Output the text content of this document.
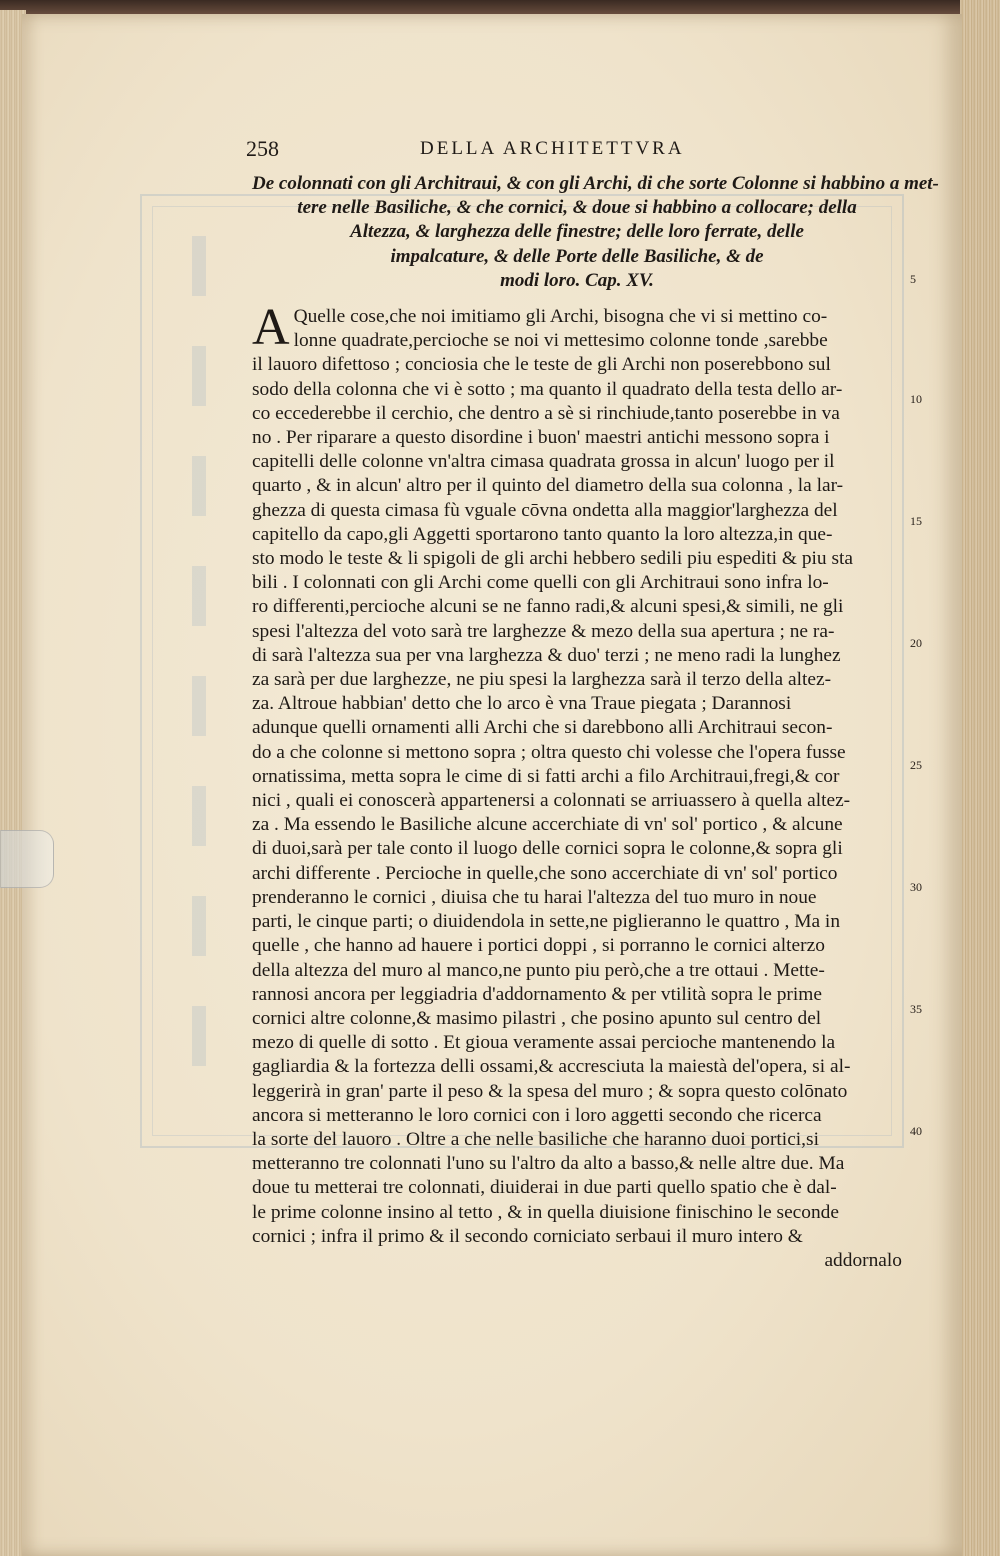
258	DELLA ARCHITETTVRA
De colonnati con gli Architraui, & con gli Archi, di che sorte Colonne si habbino a met-
tere nelle Basiliche, & che cornici, & doue si habbino a collocare; della
Altezza, & larghezza delle finestre; delle loro ferrate, delle
impalcature, & delle Porte delle Basiliche, & de
modi loro. Cap. XV.
A Quelle cose,che noi imitiamo gli Archi, bisogna che vi si mettino co-
lonne quadrate,percioche se noi vi mettesimo colonne tonde ,sarebbe
il lauoro difettoso ; conciosia che le teste de gli Archi non poserebbono sul
sodo della colonna che vi è sotto ; ma quanto il quadrato della testa dello ar-
co eccederebbe il cerchio, che dentro a sè si rinchiude,tanto poserebbe in va
no . Per riparare a questo disordine i buon' maestri antichi messono sopra i
capitelli delle colonne vn'altra cimasa quadrata grossa in alcun' luogo per il
quarto , & in alcun' altro per il quinto del diametro della sua colonna , la lar-
ghezza di questa cimasa fù vguale cōvna ondetta alla maggior'larghezza del
capitello da capo,gli Aggetti sportarono tanto quanto la loro altezza,in que-
sto modo le teste & li spigoli de gli archi hebbero sedili piu espediti & piu sta
bili . I colonnati con gli Archi come quelli con gli Architraui sono infra lo-
ro differenti,percioche alcuni se ne fanno radi,& alcuni spesi,& simili, ne gli
spesi l'altezza del voto sarà tre larghezze & mezo della sua apertura ; ne ra-
di sarà l'altezza sua per vna larghezza & duo' terzi ; ne meno radi la lunghez
za sarà per due larghezze, ne piu spesi la larghezza sarà il terzo della altez-
za. Altroue habbian' detto che lo arco è vna Traue piegata ; Darannosi
adunque quelli ornamenti alli Archi che si darebbono alli Architraui secon-
do a che colonne si mettono sopra ; oltra questo chi volesse che l'opera fusse
ornatissima, metta sopra le cime di si fatti archi a filo Architraui,fregi,& cor
nici , quali ei conoscerà appartenersi a colonnati se arriuassero à quella altez-
za . Ma essendo le Basiliche alcune accerchiate di vn' sol' portico , & alcune
di duoi,sarà per tale conto il luogo delle cornici sopra le colonne,& sopra gli
archi differente . Percioche in quelle,che sono accerchiate di vn' sol' portico
prenderanno le cornici , diuisa che tu harai l'altezza del tuo muro in noue
parti, le cinque parti; o diuidendola in sette,ne piglieranno le quattro , Ma in
quelle , che hanno ad hauere i portici doppi , si porranno le cornici alterzo
della altezza del muro al manco,ne punto piu però,che a tre ottaui . Mette-
rannosi ancora per leggiadria d'addornamento & per vtilità sopra le prime
cornici altre colonne,& masimo pilastri , che posino apunto sul centro del
mezo di quelle di sotto . Et gioua veramente assai percioche mantenendo la
gagliardia & la fortezza delli ossami,& accresciuta la maiestà del'opera, si al-
leggerirà in gran' parte il peso & la spesa del muro ; & sopra questo colōnato
ancora si metteranno le loro cornici con i loro aggetti secondo che ricerca
la sorte del lauoro . Oltre a che nelle basiliche che haranno duoi portici,si
metteranno tre colonnati l'uno su l'altro da alto a basso,& nelle altre due. Ma
doue tu metterai tre colonnati, diuiderai in due parti quello spatio che è dal-
le prime colonne insino al tetto , & in quella diuisione finischino le seconde
cornici ; infra il primo & il secondo corniciato serbaui il muro intero &
addornalo
5
10
15
20
25
30
35
40
